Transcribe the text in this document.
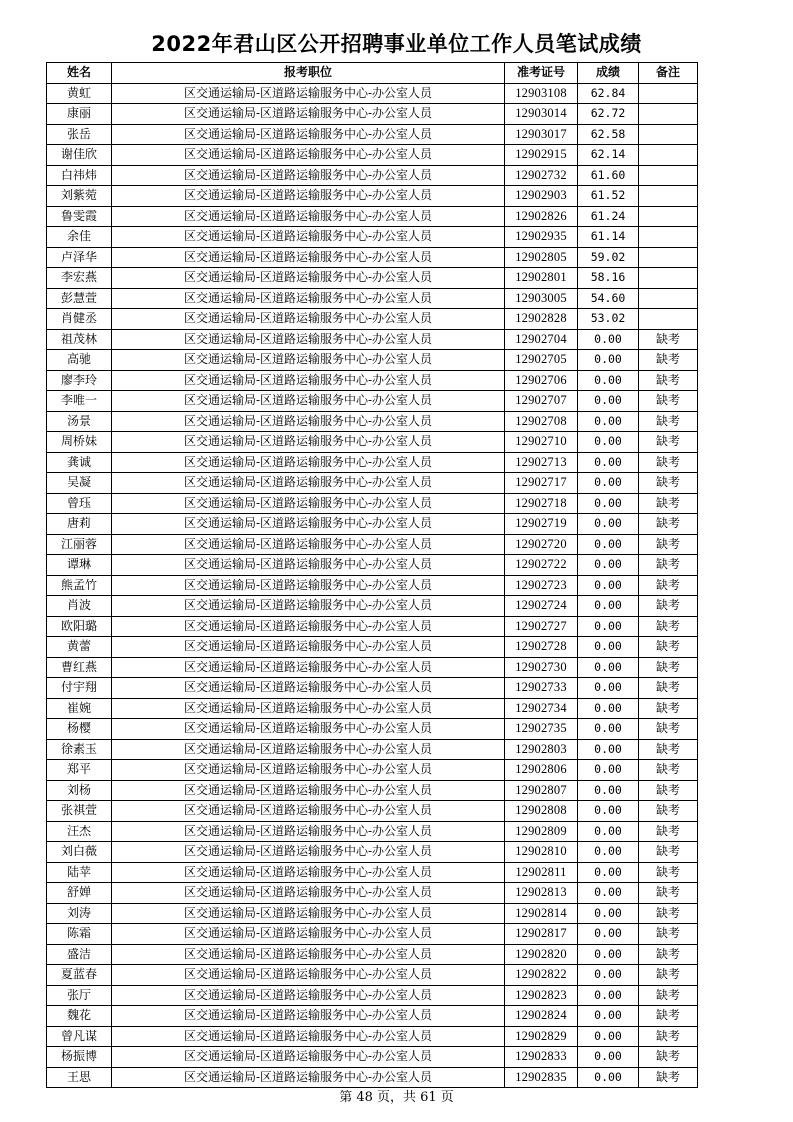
2022年君山区公开招聘事业单位工作人员笔试成绩
姓名	报考职位	准考证号	成绩	备注
黄虹	区交通运输局-区道路运输服务中心-办公室人员	12903108	62.84	
康丽	区交通运输局-区道路运输服务中心-办公室人员	12903014	62.72	
张岳	区交通运输局-区道路运输服务中心-办公室人员	12903017	62.58	
谢佳欣	区交通运输局-区道路运输服务中心-办公室人员	12902915	62.14	
白祎炜	区交通运输局-区道路运输服务中心-办公室人员	12902732	61.60	
刘紫菀	区交通运输局-区道路运输服务中心-办公室人员	12902903	61.52	
鲁雯霞	区交通运输局-区道路运输服务中心-办公室人员	12902826	61.24	
余佳	区交通运输局-区道路运输服务中心-办公室人员	12902935	61.14	
卢泽华	区交通运输局-区道路运输服务中心-办公室人员	12902805	59.02	
李宏燕	区交通运输局-区道路运输服务中心-办公室人员	12902801	58.16	
彭慧萱	区交通运输局-区道路运输服务中心-办公室人员	12903005	54.60	
肖健丞	区交通运输局-区道路运输服务中心-办公室人员	12902828	53.02	
祖茂林	区交通运输局-区道路运输服务中心-办公室人员	12902704	0.00	缺考
高驰	区交通运输局-区道路运输服务中心-办公室人员	12902705	0.00	缺考
廖李玲	区交通运输局-区道路运输服务中心-办公室人员	12902706	0.00	缺考
李唯一	区交通运输局-区道路运输服务中心-办公室人员	12902707	0.00	缺考
汤景	区交通运输局-区道路运输服务中心-办公室人员	12902708	0.00	缺考
周桥妹	区交通运输局-区道路运输服务中心-办公室人员	12902710	0.00	缺考
龚诚	区交通运输局-区道路运输服务中心-办公室人员	12902713	0.00	缺考
吴凝	区交通运输局-区道路运输服务中心-办公室人员	12902717	0.00	缺考
曾珏	区交通运输局-区道路运输服务中心-办公室人员	12902718	0.00	缺考
唐莉	区交通运输局-区道路运输服务中心-办公室人员	12902719	0.00	缺考
江丽蓉	区交通运输局-区道路运输服务中心-办公室人员	12902720	0.00	缺考
谭琳	区交通运输局-区道路运输服务中心-办公室人员	12902722	0.00	缺考
熊孟竹	区交通运输局-区道路运输服务中心-办公室人员	12902723	0.00	缺考
肖波	区交通运输局-区道路运输服务中心-办公室人员	12902724	0.00	缺考
欧阳璐	区交通运输局-区道路运输服务中心-办公室人员	12902727	0.00	缺考
黄蕾	区交通运输局-区道路运输服务中心-办公室人员	12902728	0.00	缺考
曹红燕	区交通运输局-区道路运输服务中心-办公室人员	12902730	0.00	缺考
付宇翔	区交通运输局-区道路运输服务中心-办公室人员	12902733	0.00	缺考
崔婉	区交通运输局-区道路运输服务中心-办公室人员	12902734	0.00	缺考
杨樱	区交通运输局-区道路运输服务中心-办公室人员	12902735	0.00	缺考
徐素玉	区交通运输局-区道路运输服务中心-办公室人员	12902803	0.00	缺考
郑平	区交通运输局-区道路运输服务中心-办公室人员	12902806	0.00	缺考
刘杨	区交通运输局-区道路运输服务中心-办公室人员	12902807	0.00	缺考
张祺萱	区交通运输局-区道路运输服务中心-办公室人员	12902808	0.00	缺考
汪杰	区交通运输局-区道路运输服务中心-办公室人员	12902809	0.00	缺考
刘白薇	区交通运输局-区道路运输服务中心-办公室人员	12902810	0.00	缺考
陆苹	区交通运输局-区道路运输服务中心-办公室人员	12902811	0.00	缺考
舒婵	区交通运输局-区道路运输服务中心-办公室人员	12902813	0.00	缺考
刘涛	区交通运输局-区道路运输服务中心-办公室人员	12902814	0.00	缺考
陈霜	区交通运输局-区道路运输服务中心-办公室人员	12902817	0.00	缺考
盛洁	区交通运输局-区道路运输服务中心-办公室人员	12902820	0.00	缺考
夏蓝春	区交通运输局-区道路运输服务中心-办公室人员	12902822	0.00	缺考
张厅	区交通运输局-区道路运输服务中心-办公室人员	12902823	0.00	缺考
魏花	区交通运输局-区道路运输服务中心-办公室人员	12902824	0.00	缺考
曾凡谋	区交通运输局-区道路运输服务中心-办公室人员	12902829	0.00	缺考
杨振博	区交通运输局-区道路运输服务中心-办公室人员	12902833	0.00	缺考
王思	区交通运输局-区道路运输服务中心-办公室人员	12902835	0.00	缺考
第 48 页，共 61 页
